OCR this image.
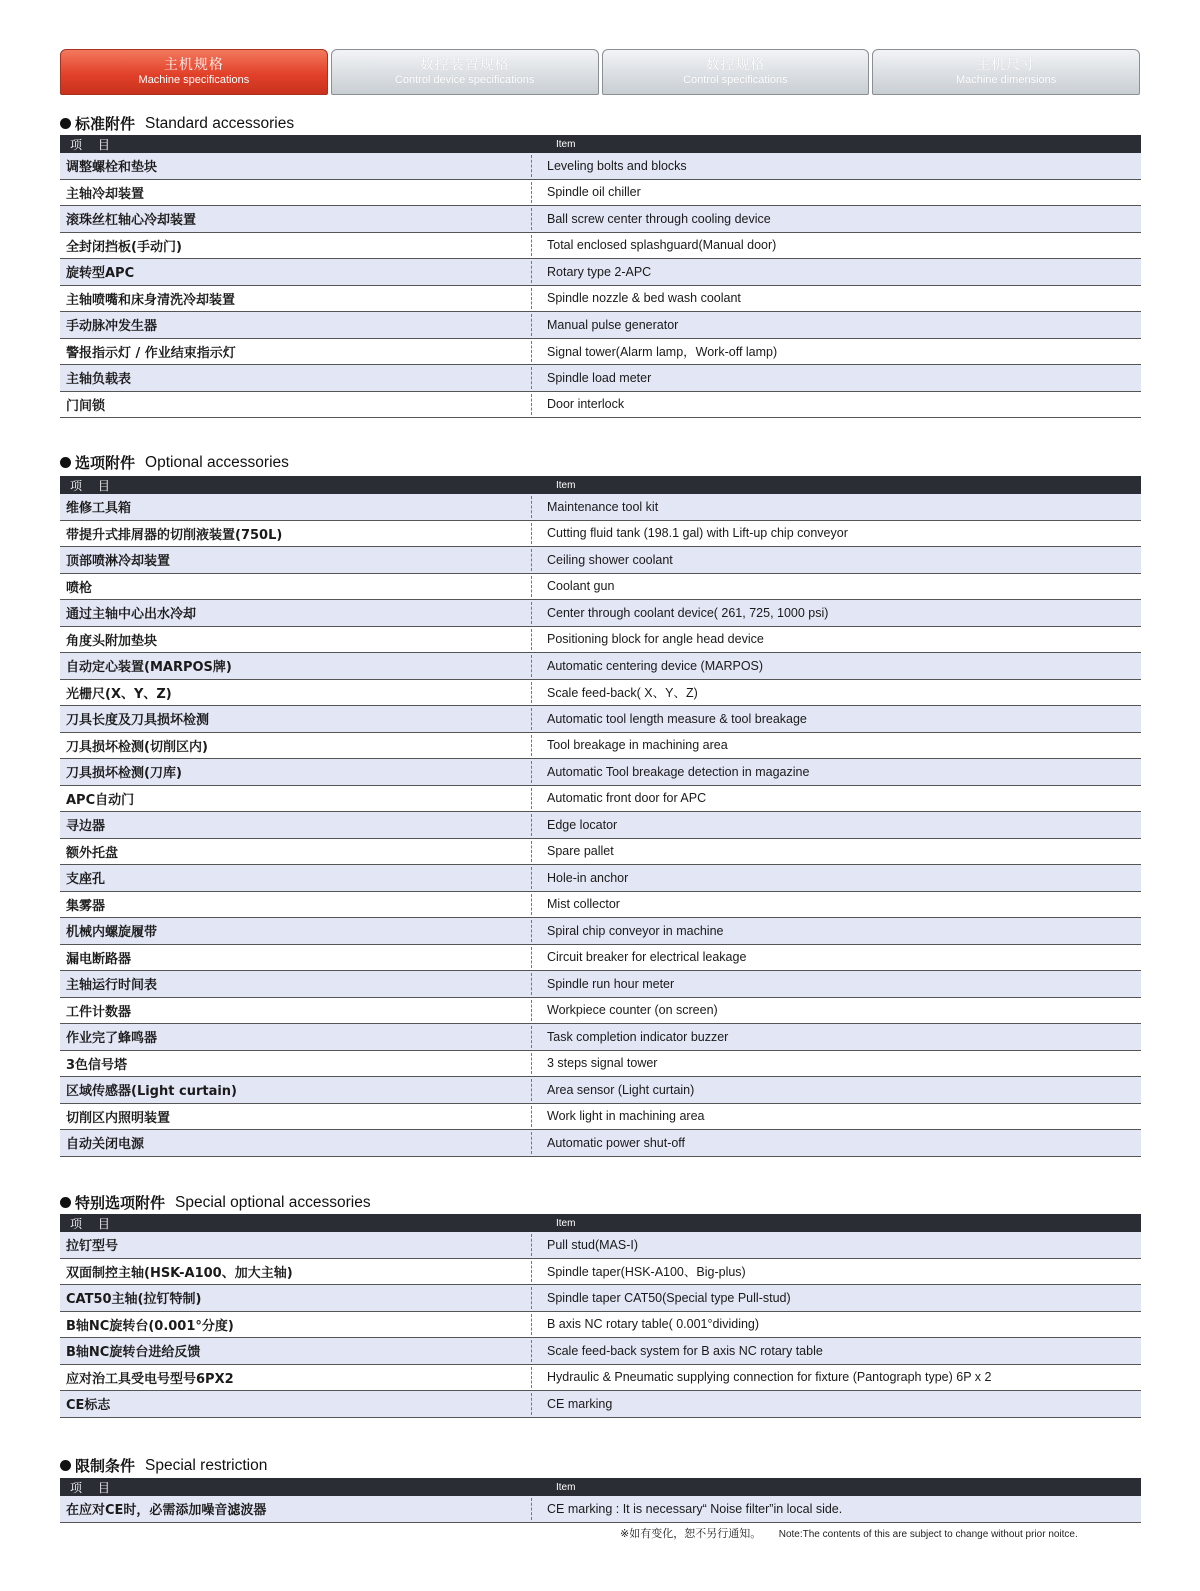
主机规格
Machine specifications
数控装置规格
Control device specifications
数控规格
Control specifications
主机尺寸
Machine dimensions
标准附件 Standard accessories
项 目	Item
调整螺栓和垫块	Leveling bolts and blocks
主轴冷却装置	Spindle oil chiller
滚珠丝杠轴心冷却装置	Ball screw center through cooling device
全封闭挡板(手动门)	Total enclosed splashguard(Manual door)
旋转型APC	Rotary type 2-APC
主轴喷嘴和床身清洗冷却装置	Spindle nozzle & bed wash coolant
手动脉冲发生器	Manual pulse generator
警报指示灯 / 作业结束指示灯	Signal tower(Alarm lamp，Work-off lamp)
主轴负载表	Spindle load meter
门间锁	Door interlock
选项附件 Optional accessories
项 目	Item
维修工具箱	Maintenance tool kit
带提升式排屑器的切削液装置(750L)	Cutting fluid tank (198.1 gal) with Lift-up chip conveyor
顶部喷淋冷却装置	Ceiling shower coolant
喷枪	Coolant gun
通过主轴中心出水冷却	Center through coolant device( 261, 725, 1000 psi)
角度头附加垫块	Positioning block for angle head device
自动定心装置(MARPOS牌)	Automatic centering device (MARPOS)
光栅尺(X、Y、Z)	Scale feed-back( X、Y、Z)
刀具长度及刀具损坏检测	Automatic tool length measure & tool breakage
刀具损坏检测(切削区内)	Tool breakage in machining area
刀具损坏检测(刀库)	Automatic Tool breakage detection in magazine
APC自动门	Automatic front door for APC
寻边器	Edge locator
额外托盘	Spare pallet
支座孔	Hole-in anchor
集雾器	Mist collector
机械内螺旋履带	Spiral chip conveyor in machine
漏电断路器	Circuit breaker for electrical leakage
主轴运行时间表	Spindle run hour meter
工件计数器	Workpiece counter (on screen)
作业完了蜂鸣器	Task completion indicator buzzer
3色信号塔	3 steps signal tower
区域传感器(Light curtain)	Area sensor (Light curtain)
切削区内照明装置	Work light in machining area
自动关闭电源	Automatic power shut-off
特别选项附件 Special optional accessories
项 目	Item
拉钉型号	Pull stud(MAS-I)
双面制控主轴(HSK-A100、加大主轴)	Spindle taper(HSK-A100、Big-plus)
CAT50主轴(拉钉特制)	Spindle taper CAT50(Special type Pull-stud)
B轴NC旋转台(0.001°分度)	B axis NC rotary table( 0.001°dividing)
B轴NC旋转台进给反馈	Scale feed-back system for B axis NC rotary table
应对治工具受电号型号6PX2	Hydraulic & Pneumatic supplying connection for fixture (Pantograph type) 6P x 2
CE标志	CE marking
限制条件 Special restriction
项 目	Item
在应对CE时，必需添加噪音滤波器	CE marking : It is necessary“ Noise filter”in local side.
※如有变化，恕不另行通知。 Note:The contents of this are subject to change without prior noitce.
